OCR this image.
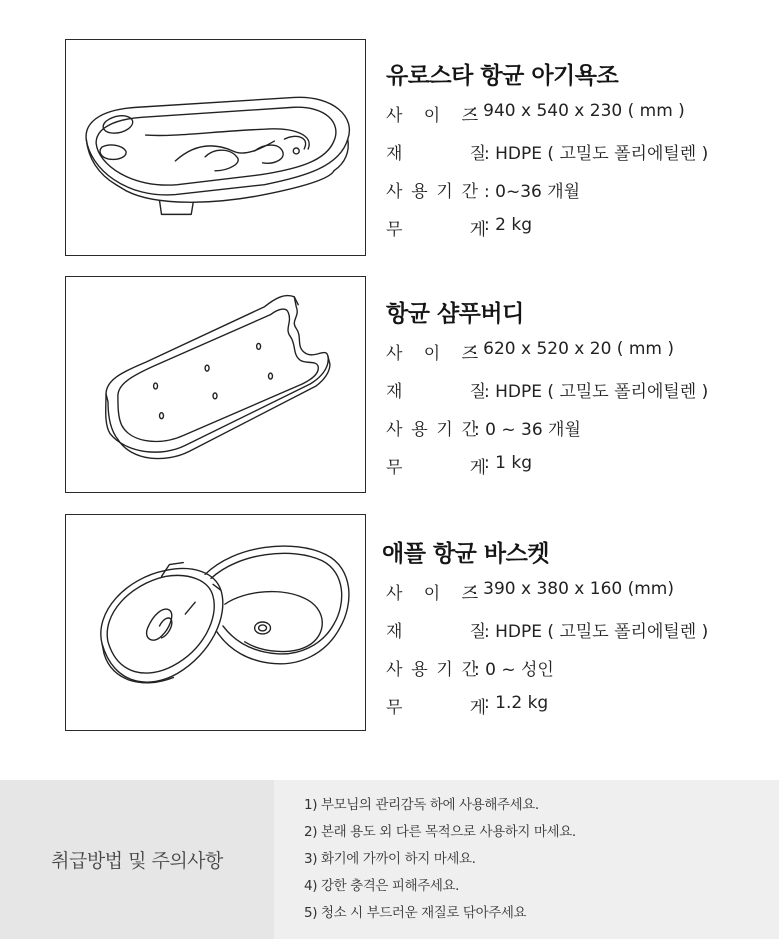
유로스타 항균 아기욕조
사 이 즈
: 940 x 540 x 230 ( mm )
재	질
: HDPE ( 고밀도 폴리에틸렌 )
사 용 기 간 : 0~36 개월
무	게
: 2 kg
항균 샴푸버디
사 이 즈
: 620 x 520 x 20 ( mm )
재	질
: HDPE ( 고밀도 폴리에틸렌 )
사 용 기 간
: 0 ~ 36 개월
무	게
: 1 kg
애플 항균 바스켓
사 이 즈
: 390 x 380 x 160 (mm)
재	질
: HDPE ( 고밀도 폴리에틸렌 )
사 용 기 간
: 0 ~ 성인
무	게
: 1.2 kg
취급방법 및 주의사항
1) 부모님의 관리감독 하에 사용해주세요.
2) 본래 용도 외 다른 목적으로 사용하지 마세요.
3) 화기에 가까이 하지 마세요.
4) 강한 충격은 피해주세요.
5) 청소 시 부드러운 재질로 닦아주세요
